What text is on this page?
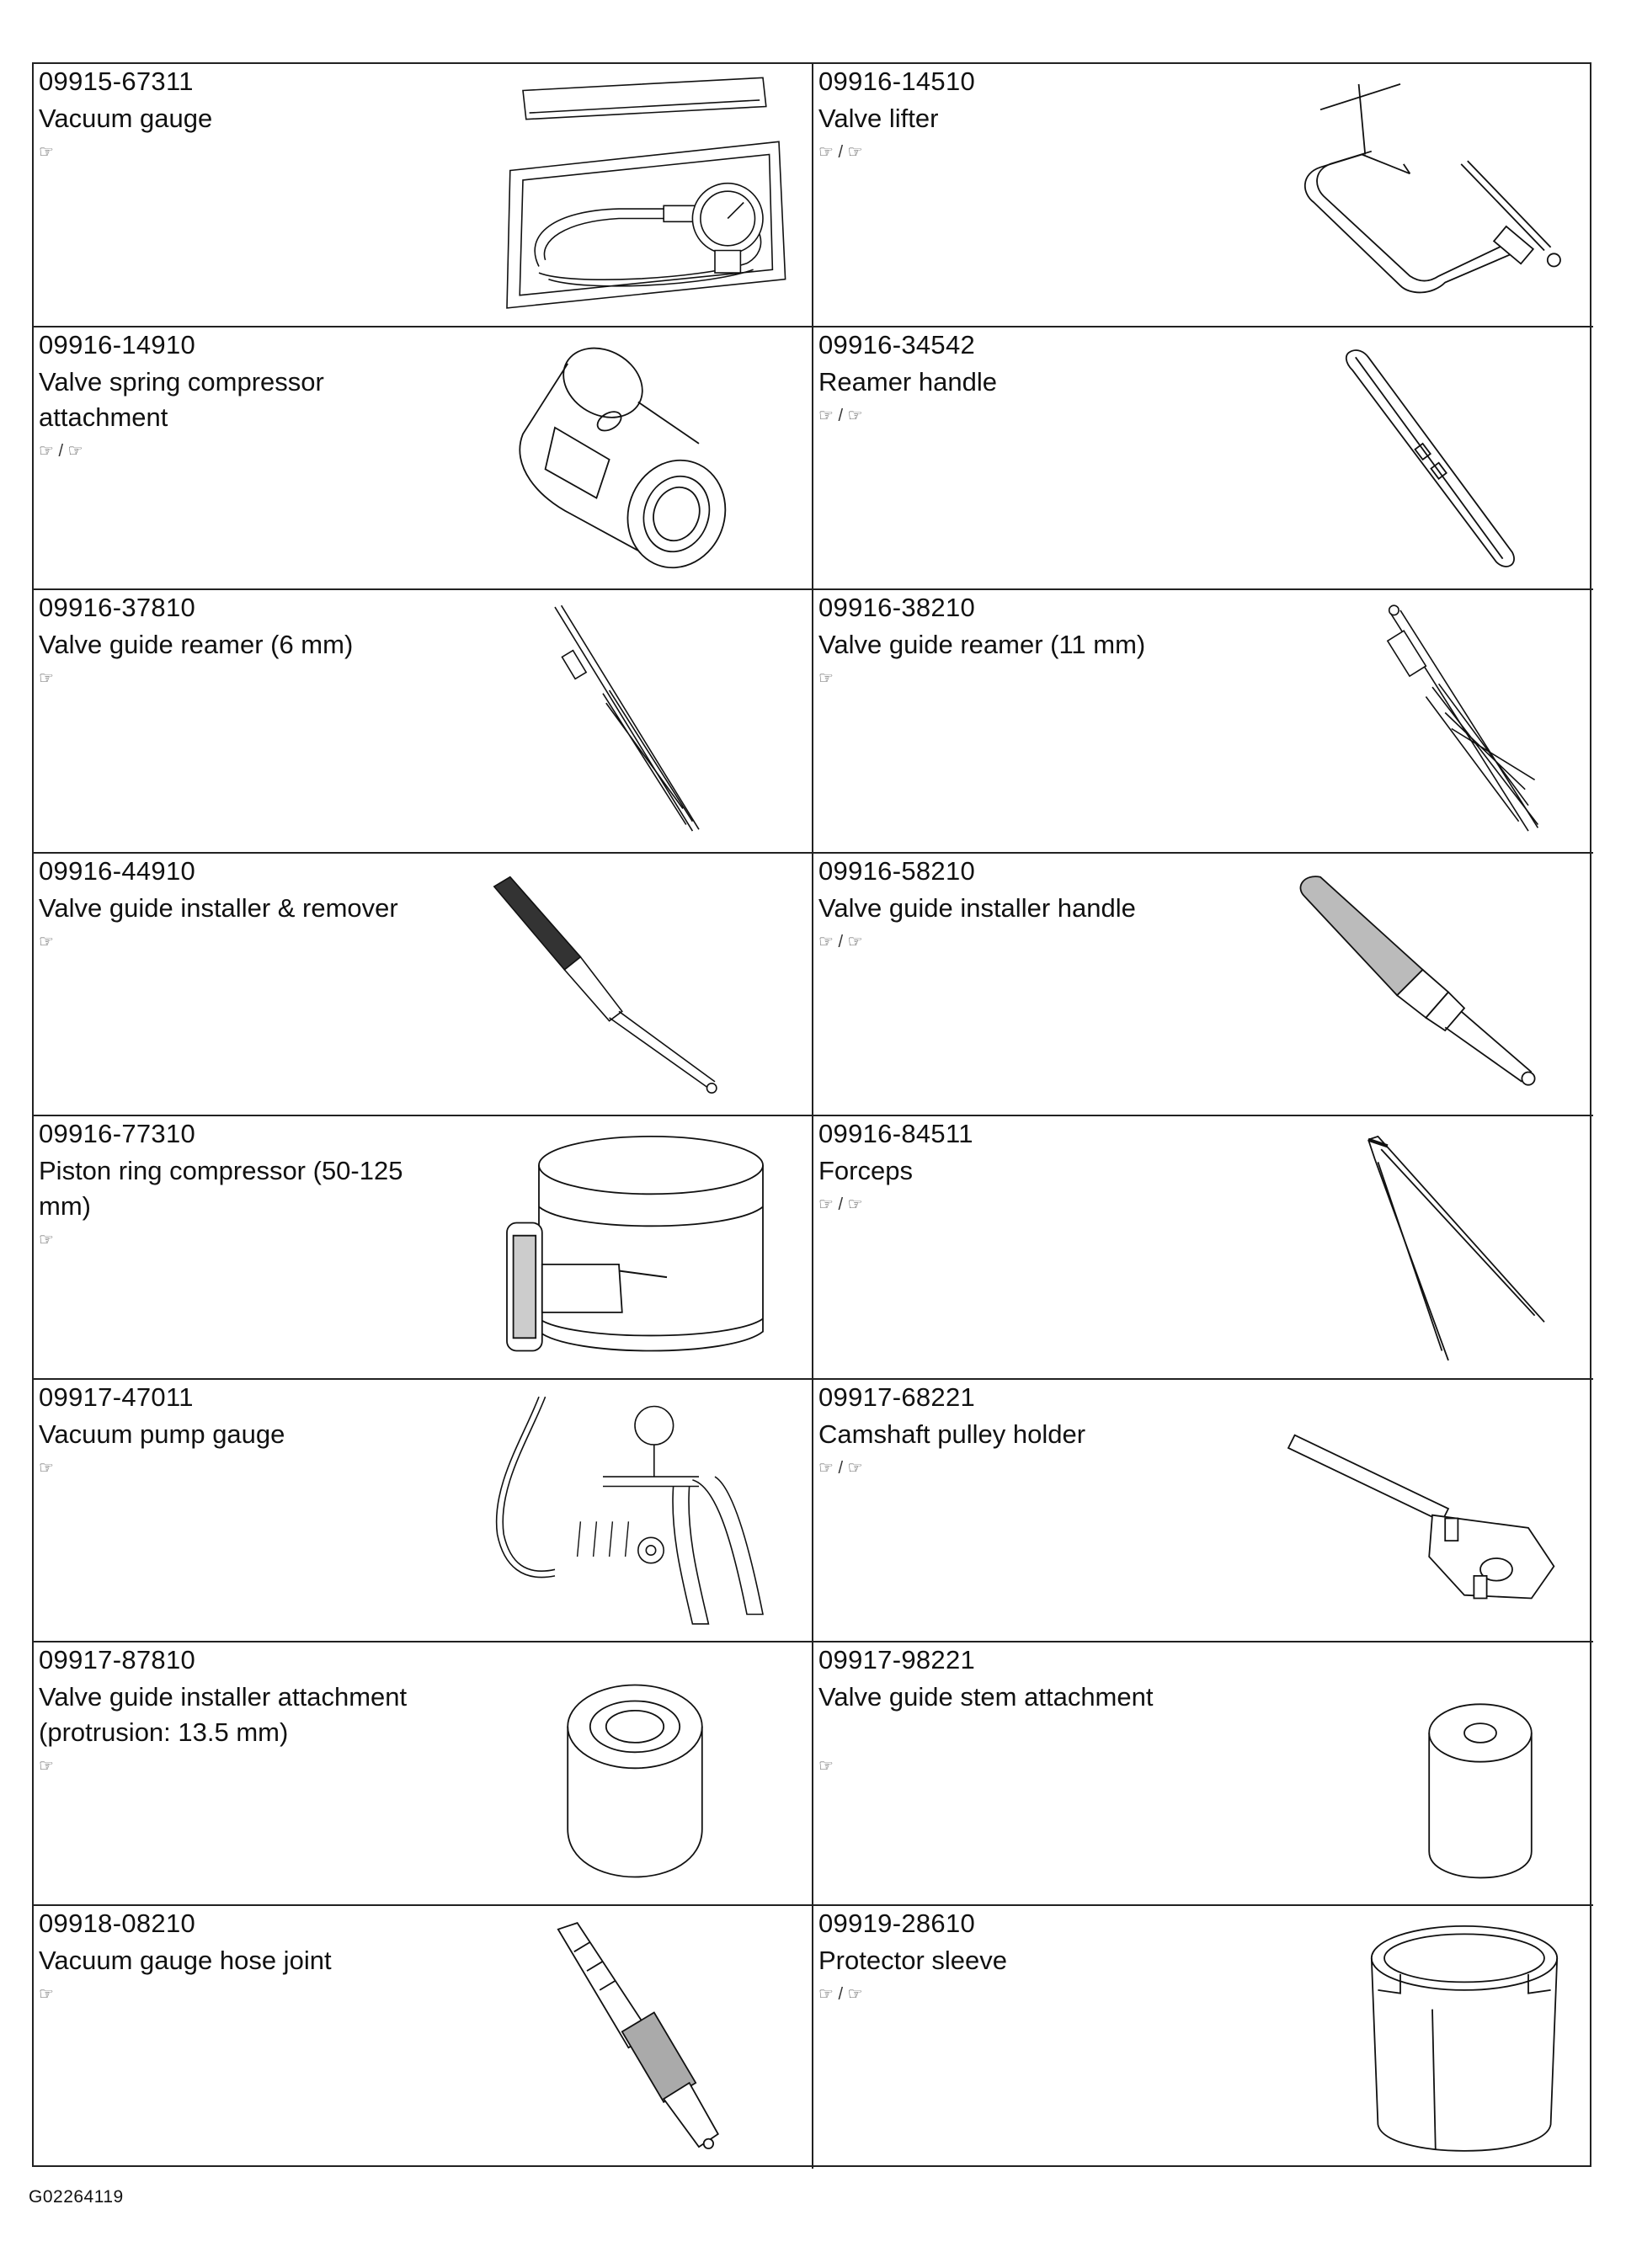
09915-67311
Vacuum gauge
☞
09916-14510
Valve lifter
☞ / ☞
09916-14910
Valve spring compressor attachment
☞ / ☞
09916-34542
Reamer handle
☞ / ☞
09916-37810
Valve guide reamer (6 mm)
☞
09916-38210
Valve guide reamer (11 mm)
☞
09916-44910
Valve guide installer & remover
☞
09916-58210
Valve guide installer handle
☞ / ☞
09916-77310
Piston ring compressor (50-125 mm)
☞
09916-84511
Forceps
☞ / ☞
09917-47011
Vacuum pump gauge
☞
09917-68221
Camshaft pulley holder
☞ / ☞
09917-87810
Valve guide installer attachment (protrusion: 13.5 mm)
☞
09917-98221
Valve guide stem attachment
☞
09918-08210
Vacuum gauge hose joint
☞
09919-28610
Protector sleeve
☞ / ☞
G02264119
